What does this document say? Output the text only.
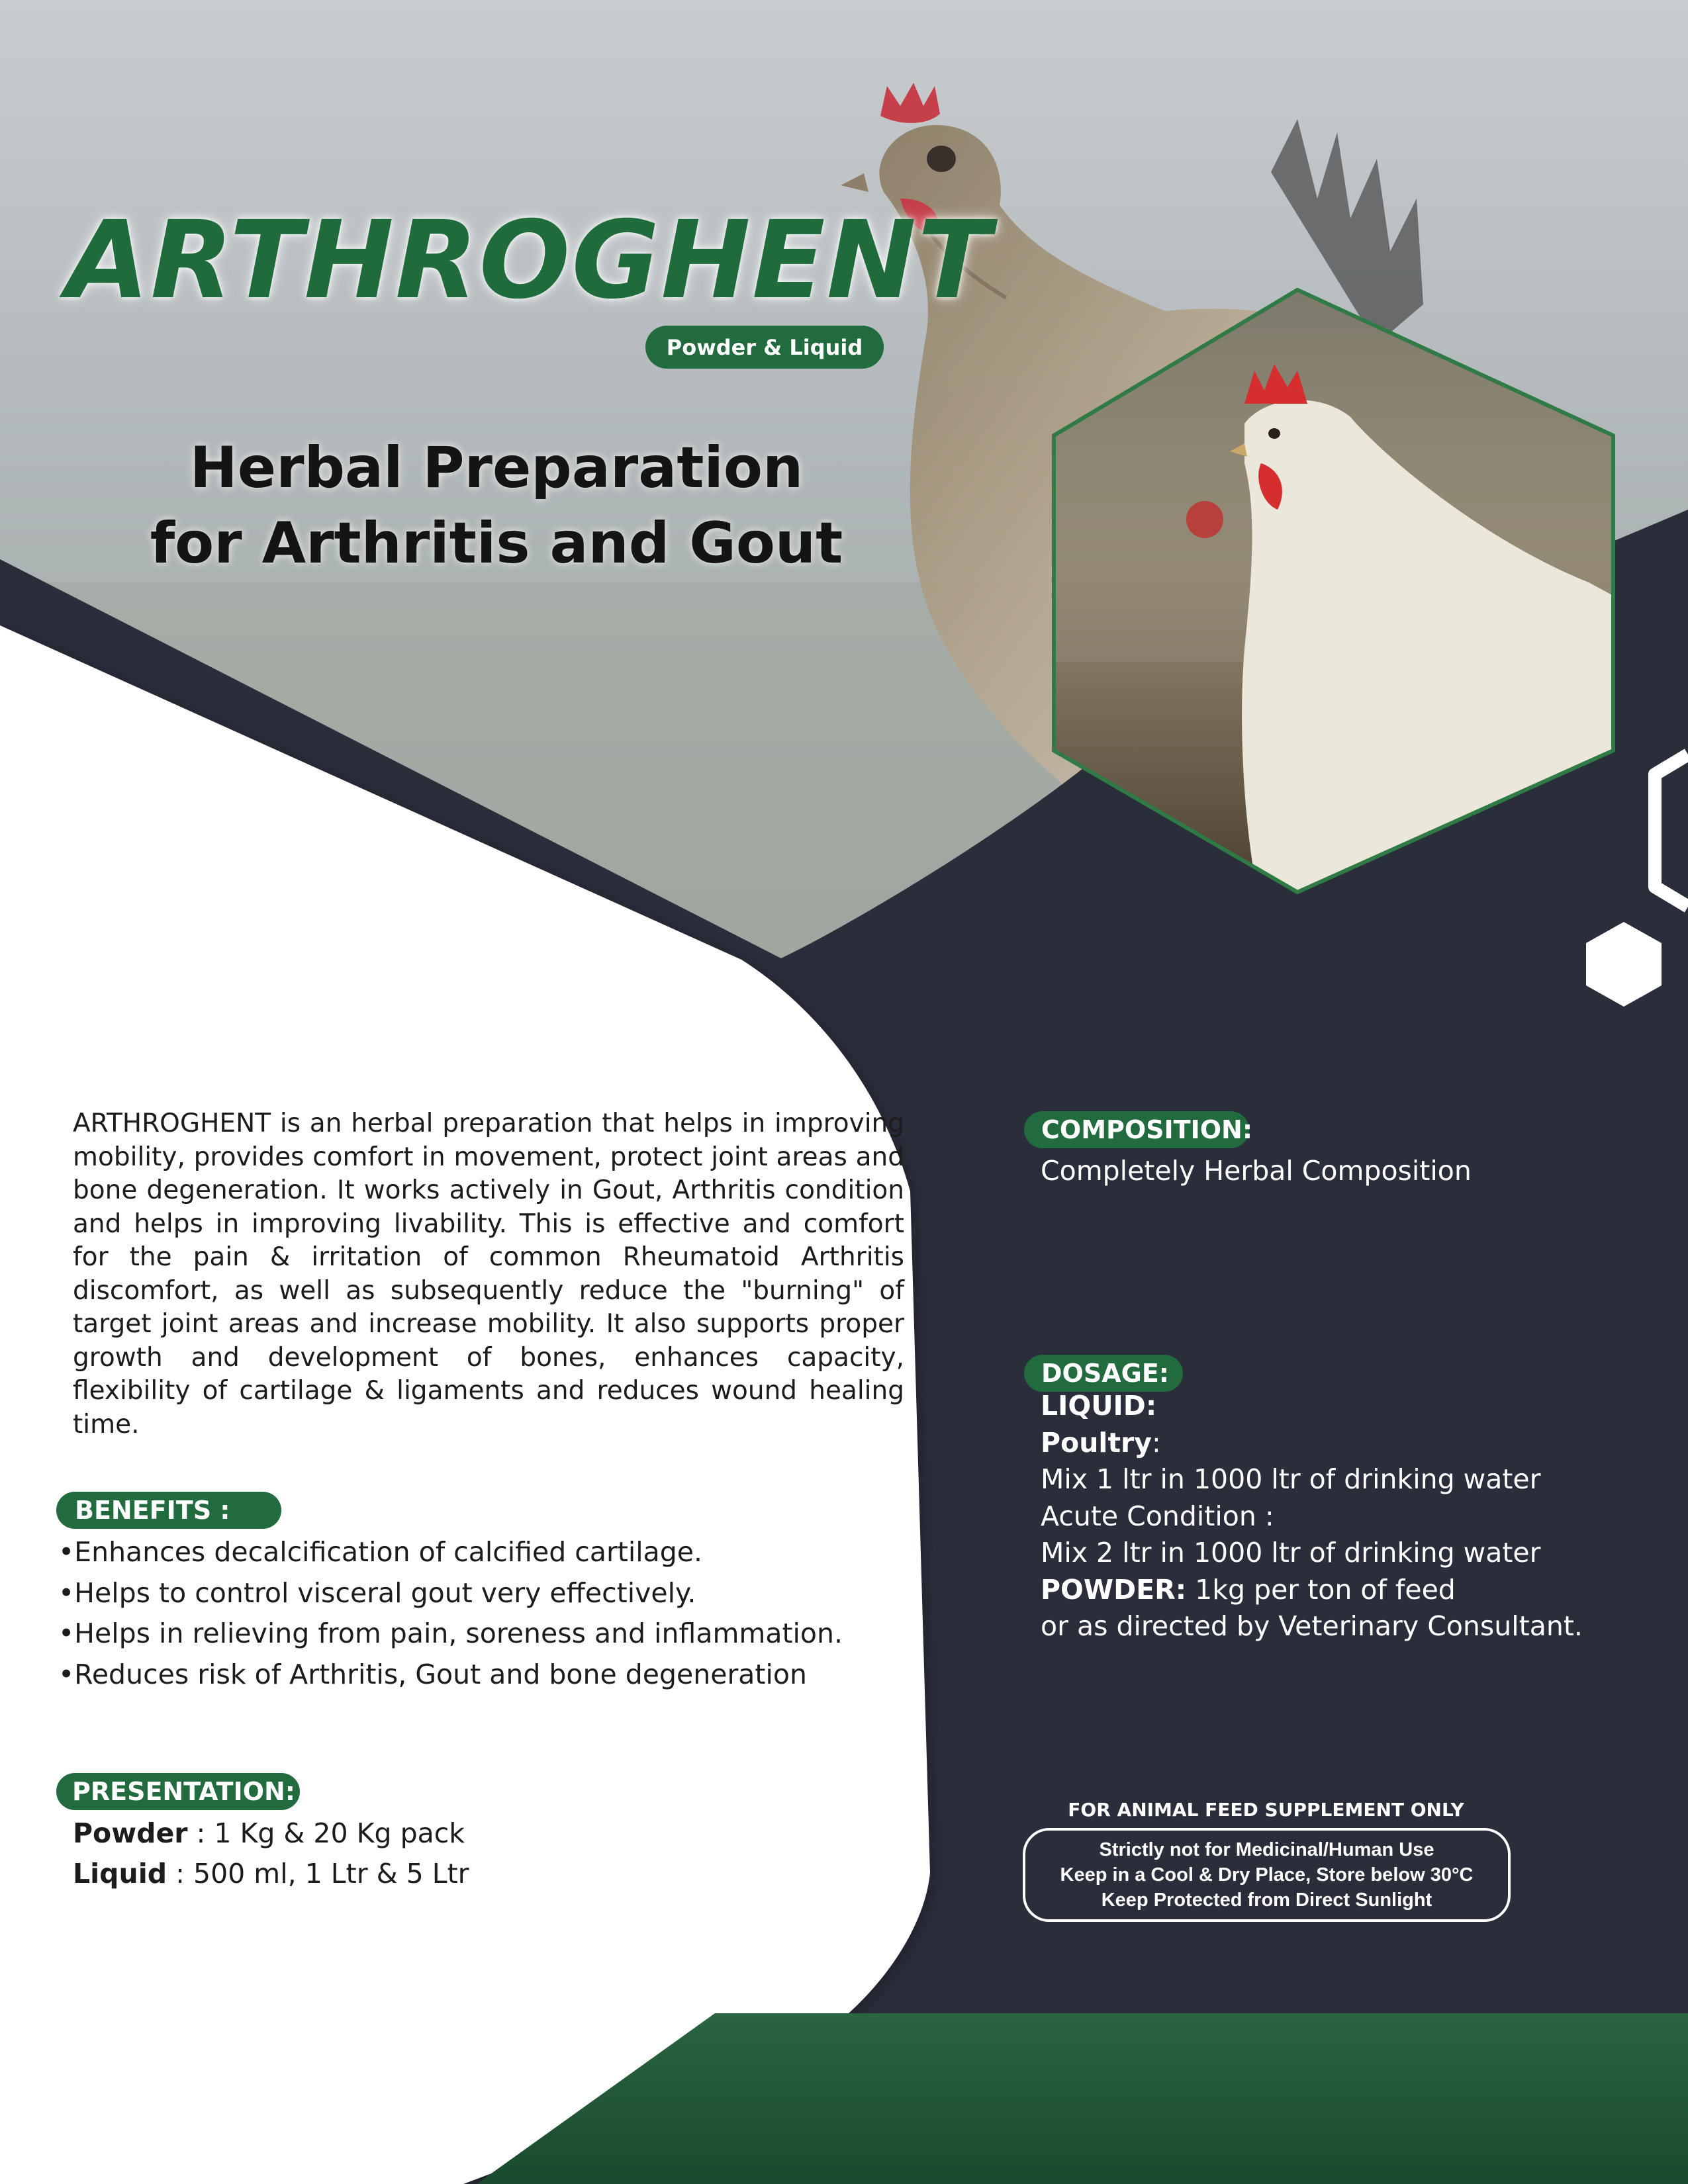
ARTHROGHENT
Powder & Liquid
Herbal Preparation
for Arthritis and Gout
ARTHROGHENT is an herbal preparation that helps in improving mobility, provides comfort in movement, protect joint areas and bone degeneration. It works actively in Gout, Arthritis condition and helps in improving livability. This is effective and comfort for the pain & irritation of common Rheumatoid Arthritis discomfort, as well as subsequently reduce the "burning" of target joint areas and increase mobility. It also supports proper growth and development of bones, enhances capacity, flexibility of cartilage & ligaments and reduces wound healing time.
BENEFITS :
•Enhances decalcification of calcified cartilage.
•Helps to control visceral gout very effectively.
•Helps in relieving from pain, soreness and inflammation.
•Reduces risk of Arthritis, Gout and bone degeneration
PRESENTATION:
Powder : 1 Kg & 20 Kg pack
Liquid : 500 ml, 1 Ltr & 5 Ltr
COMPOSITION:
Completely Herbal Composition
DOSAGE:
LIQUID:
Poultry:
Mix 1 ltr in 1000 ltr of drinking water
Acute Condition :
Mix 2 ltr in 1000 ltr of drinking water
POWDER: 1kg per ton of feed
or as directed by Veterinary Consultant.
FOR ANIMAL FEED SUPPLEMENT ONLY
Strictly not for Medicinal/Human Use
Keep in a Cool & Dry Place, Store below 30°C
Keep Protected from Direct Sunlight
